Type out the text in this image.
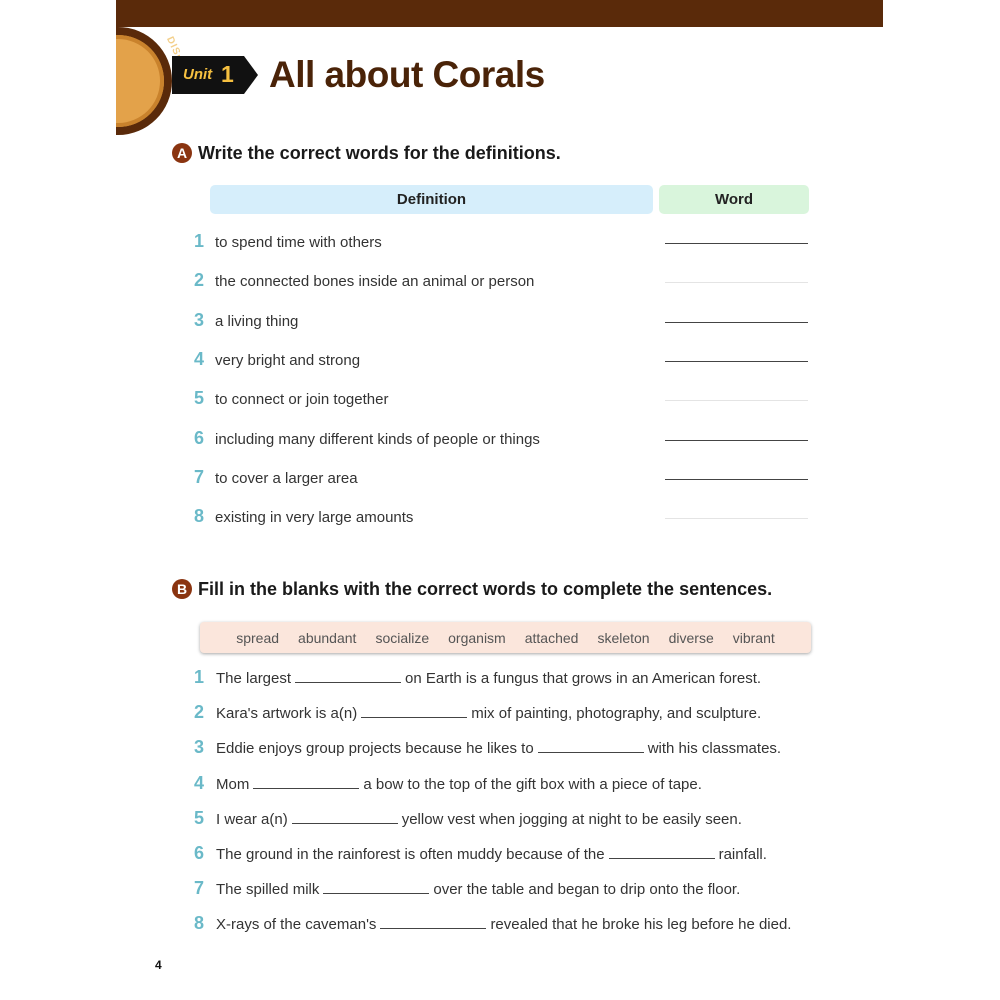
Unit 1 All about Corals
A Write the correct words for the definitions.
Definition	Word
1 to spend time with others
2 the connected bones inside an animal or person
3 a living thing
4 very bright and strong
5 to connect or join together
6 including many different kinds of people or things
7 to cover a larger area
8 existing in very large amounts
B Fill in the blanks with the correct words to complete the sentences.
spread abundant socialize organism attached skeleton diverse vibrant
1 The largest	on Earth is a fungus that grows in an American forest.
2 Kara's artwork is a(n)	mix of painting, photography, and sculpture.
3 Eddie enjoys group projects because he likes to	with his classmates.
4 Mom	a bow to the top of the gift box with a piece of tape.
5 I wear a(n)	yellow vest when jogging at night to be easily seen.
6 The ground in the rainforest is often muddy because of the	rainfall.
7 The spilled milk	over the table and began to drip onto the floor.
8 X-rays of the caveman's	revealed that he broke his leg before he died.
4
